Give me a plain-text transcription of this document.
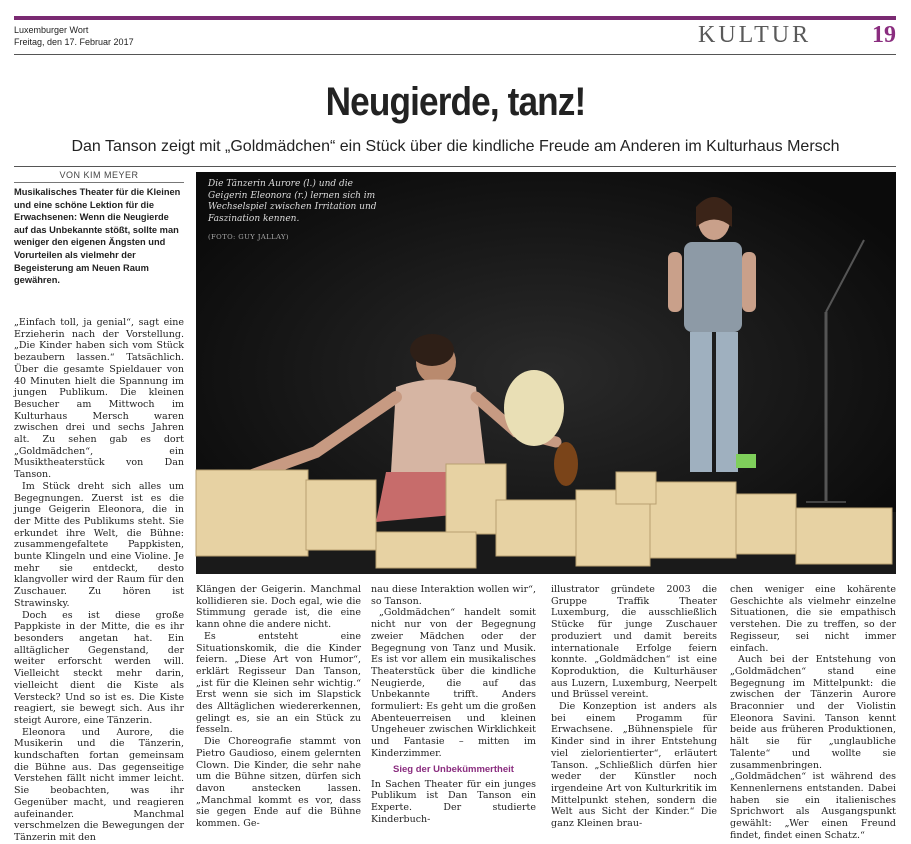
Luxemburger Wort
Freitag, den 17. Februar 2017	KULTUR	19
Neugierde, tanz!
Dan Tanson zeigt mit „Goldmädchen“ ein Stück über die kindliche Freude am Anderen im Kulturhaus Mersch
VON KIM MEYER

Musikalisches Theater für die Kleinen und eine schöne Lektion für die Erwachsenen: Wenn die Neugierde auf das Unbekannte stößt, sollte man weniger den eigenen Ängsten und Vorurteilen als vielmehr der Begeisterung am Neuen Raum gewähren.

„Einfach toll, ja genial“, sagt eine Erzieherin nach der Vorstellung. „Die Kinder haben sich vom Stück bezaubern lassen.“ Tatsächlich. Über die gesamte Spieldauer von 40 Minuten hielt die Spannung im jungen Publikum. Die kleinen Besucher am Mittwoch im Kulturhaus Mersch waren zwischen drei und sechs Jahren alt. Zu sehen gab es dort „Goldmädchen“, ein Musiktheaterstück von Dan Tanson.

Im Stück dreht sich alles um Begegnungen. Zuerst ist es die junge Geigerin Eleonora, die in der Mitte des Publikums steht. Sie erkundet ihre Welt, die Bühne: zusammengefaltete Pappkisten, bunte Klingeln und eine Violine. Je mehr sie entdeckt, desto klangvoller wird der Raum für den Zuschauer. Zu hören ist Strawinsky.

Doch es ist diese große Pappkiste in der Mitte, die es ihr besonders angetan hat. Ein alltäglicher Gegenstand, der weiter erforscht werden will. Vielleicht steckt mehr darin, vielleicht dient die Kiste als Versteck? Und so ist es. Die Kiste reagiert, sie bewegt sich. Aus ihr steigt Aurore, eine Tänzerin.

Eleonora und Aurore, die Musikerin und die Tänzerin, kundschaften fortan gemeinsam die Bühne aus. Das gegenseitige Verstehen fällt nicht immer leicht. Sie beobachten, was ihr Gegenüber macht, und reagieren aufeinander. Manchmal verschmelzen die Bewegungen der Tänzerin mit den

Die Tänzerin Aurore (l.) und die Geigerin Eleonora (r.) lernen sich im Wechselspiel zwischen Irritation und Faszination kennen.

(FOTO: GUY JALLAY)

Klängen der Geigerin. Manchmal kollidieren sie. Doch egal, wie die Stimmung gerade ist, die eine kann ohne die andere nicht.

Es entsteht eine Situationskomik, die die Kinder feiern. „Diese Art von Humor“, erklärt Regisseur Dan Tanson, „ist für die Kleinen sehr wichtig.“ Erst wenn sie sich im Slapstick des Alltäglichen wiedererkennen, gelingt es, sie an ein Stück zu fesseln.

Die Choreografie stammt von Pietro Gaudioso, einem gelernten Clown. Die Kinder, die sehr nahe um die Bühne sitzen, dürfen sich davon anstecken lassen. „Manchmal kommt es vor, dass sie gegen Ende auf die Bühne kommen. Ge-

nau diese Interaktion wollen wir“, so Tanson.

„Goldmädchen“ handelt somit nicht nur von der Begegnung zweier Mädchen oder der Begegnung von Tanz und Musik. Es ist vor allem ein musikalisches Theaterstück über die kindliche Neugierde, die auf das Unbekannte trifft. Anders formuliert: Es geht um die großen Abenteuerreisen und kleinen Ungeheuer zwischen Wirklichkeit und Fantasie – mitten im Kinderzimmer.

Sieg der Unbekümmertheit

In Sachen Theater für ein junges Publikum ist Dan Tanson ein Experte. Der studierte Kinderbuch-

illustrator gründete 2003 die Gruppe Traffik Theater Luxemburg, die ausschließlich Stücke für junge Zuschauer produziert und damit bereits internationale Erfolge feiern konnte. „Goldmädchen“ ist eine Koproduktion, die Kulturhäuser aus Luzern, Luxemburg, Neerpelt und Brüssel vereint.

Die Konzeption ist anders als bei einem Progamm für Erwachsene. „Bühnenspiele für Kinder sind in ihrer Entstehung viel zielorientierter“, erläutert Tanson. „Schließlich dürfen hier weder der Künstler noch irgendeine Art von Kulturkritik im Mittelpunkt stehen, sondern die Welt aus Sicht der Kinder.“ Die ganz Kleinen brau-

chen weniger eine kohärente Geschichte als vielmehr einzelne Situationen, die sie empathisch verstehen. Die zu treffen, so der Regisseur, sei nicht immer einfach.

Auch bei der Entstehung von „Goldmädchen“ stand eine Begegnung im Mittelpunkt: die zwischen der Tänzerin Aurore Braconnier und der Violistin Eleonora Savini. Tanson kennt beide aus früheren Produktionen, hält sie für „unglaubliche Talente“ und wollte sie zusammenbringen. „Goldmädchen“ ist während des Kennenlernens entstanden. Dabei haben sie ein italienisches Sprichwort als Ausgangspunkt gewählt: „Wer einen Freund findet, findet einen Schatz.“
